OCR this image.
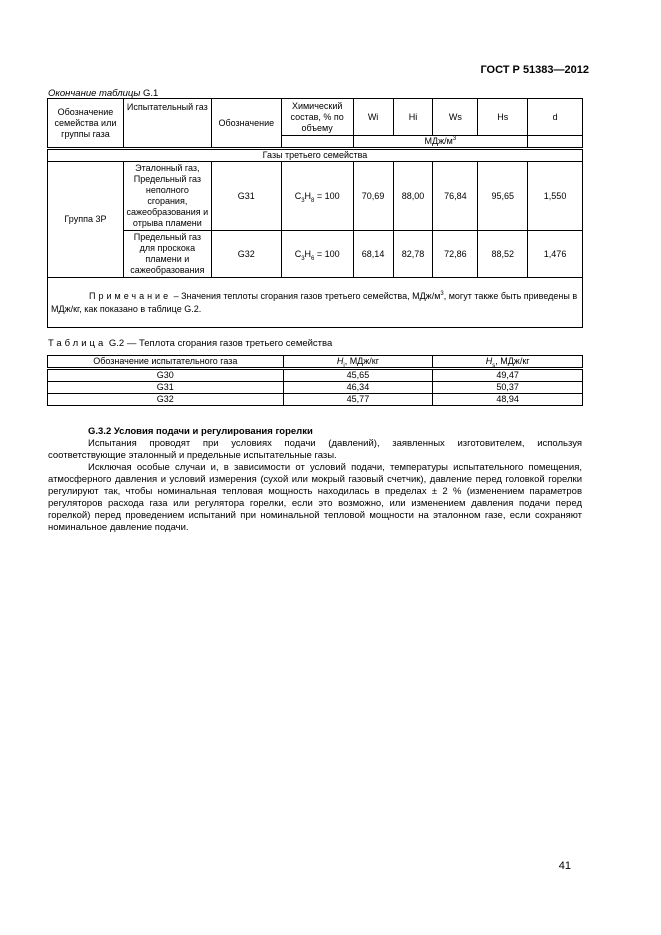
ГОСТ Р 51383—2012
Окончание таблицы G.1
Обозначение семейства или группы газа	Испытательный газ	Обозначение	Химический состав, % по объему	Wi	Hi	Ws	Hs	d
				МДж/$м^3$	
Газы третьего семейства								
Группа 3Р	Эталонный газ, Предельный газ неполного сгорания, сажеобразования и отрыва пламени	G31	$C_3H_8 = 100$	70,69	88,00	76,84	95,65	1,550
	Предельный газ для проскока пламени и сажеобразования	G32	$C_3H_6 = 100$	68,14	82,78	72,86	88,52	1,476
Примечание – Значения теплоты сгорания газов третьего семейства, МДж/$м^3$, могут также быть приведены в МДж/кг, как показано в таблице G.2.								
Таблица G.2 — Теплота сгорания газов третьего семейства
Обозначение испытательного газа	$H_i$, МДж/кг	$H_s$, МДж/кг
G30	45,65	49,47
G31	46,34	50,37
G32	45,77	48,94

G.3.2 Условия подачи и регулирования горелки

Испытания проводят при условиях подачи (давлений), заявленных изготовителем, используя соответствующие эталонный и предельные испытательные газы.

Исключая особые случаи и, в зависимости от условий подачи, температуры испытательного помещения, атмосферного давления и условий измерения (сухой или мокрый газовый счетчик), давление перед головкой горелки регулируют так, чтобы номинальная тепловая мощность находилась в пределах ± 2 % (изменением параметров регуляторов расхода газа или регулятора горелки, если это возможно, или изменением давления подачи перед горелкой) перед проведением испытаний при номинальной тепловой мощности на эталонном газе, если сохраняют номинальное давление подачи.

41
